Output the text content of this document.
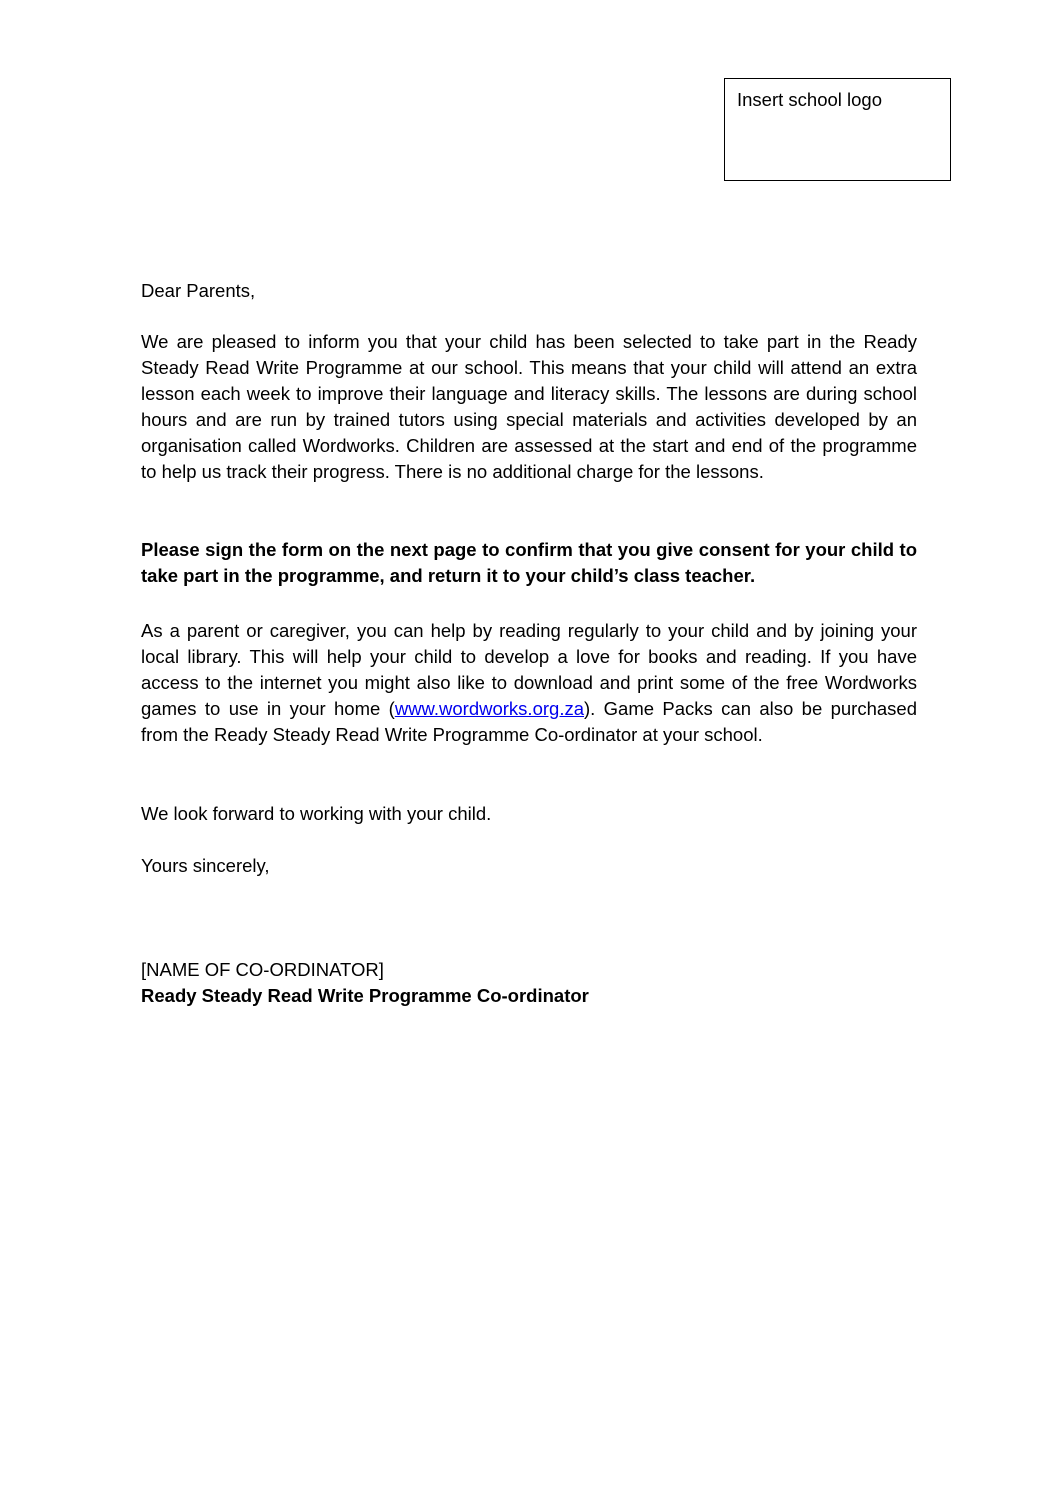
Insert school logo
Dear Parents,
We are pleased to inform you that your child has been selected to take part in the Ready Steady Read Write Programme at our school. This means that your child will attend an extra lesson each week to improve their language and literacy skills. The lessons are during school hours and are run by trained tutors using special materials and activities developed by an organisation called Wordworks. Children are assessed at the start and end of the programme to help us track their progress. There is no additional charge for the lessons.
Please sign the form on the next page to confirm that you give consent for your child to take part in the programme, and return it to your child’s class teacher.
As a parent or caregiver, you can help by reading regularly to your child and by joining your local library. This will help your child to develop a love for books and reading. If you have access to the internet you might also like to download and print some of the free Wordworks games to use in your home (www.wordworks.org.za). Game Packs can also be purchased from the Ready Steady Read Write Programme Co-ordinator at your school.
We look forward to working with your child.
Yours sincerely,
[NAME OF CO-ORDINATOR]
Ready Steady Read Write Programme Co-ordinator
